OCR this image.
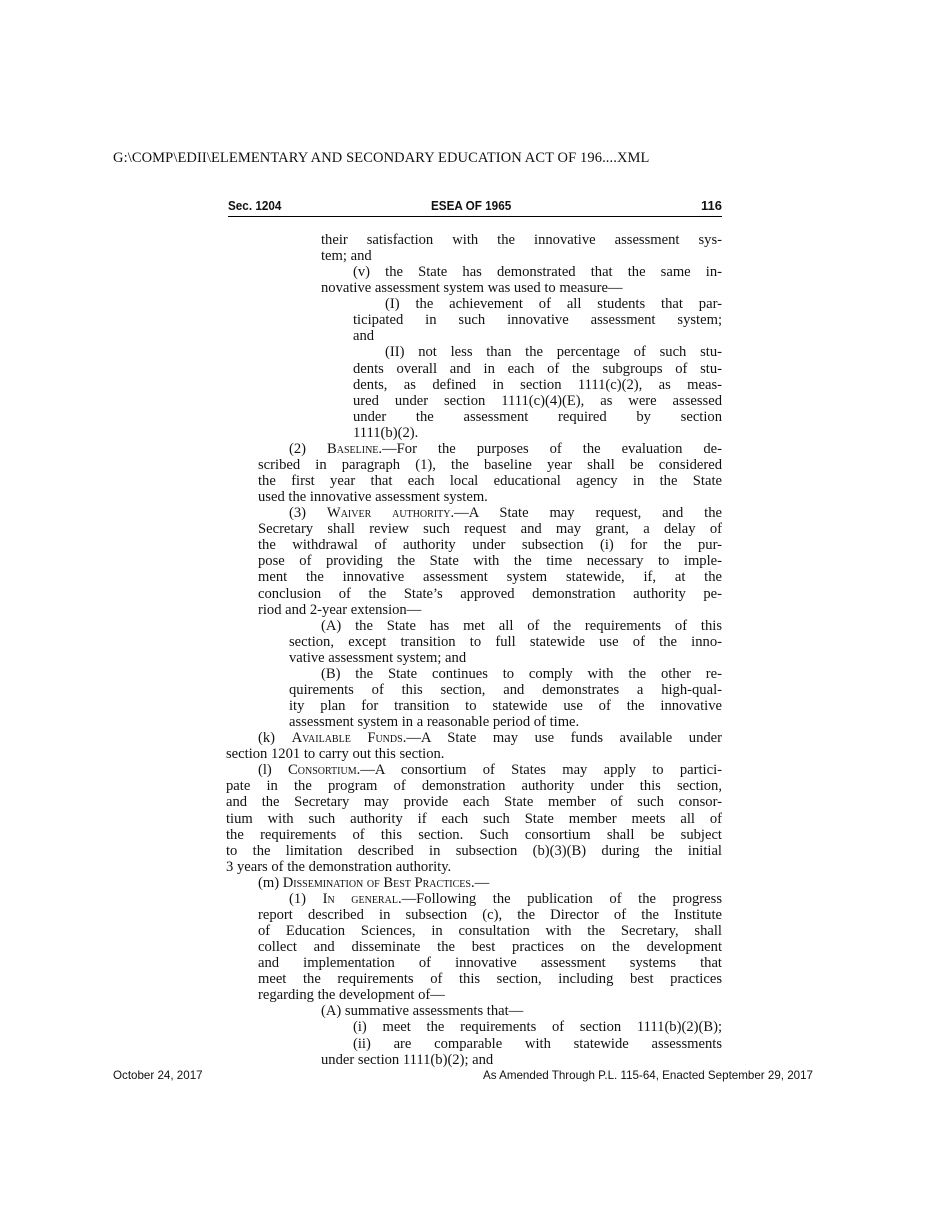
G:\COMP\EDII\ELEMENTARY AND SECONDARY EDUCATION ACT OF 196....XML
Sec. 1204	ESEA OF 1965	116
their satisfaction with the innovative assessment sys-
tem; and
(v) the State has demonstrated that the same in-
novative assessment system was used to measure—
(I) the achievement of all students that par-
ticipated in such innovative assessment system;
and
(II) not less than the percentage of such stu-
dents overall and in each of the subgroups of stu-
dents, as defined in section 1111(c)(2), as meas-
ured under section 1111(c)(4)(E), as were assessed
under the assessment required by section
1111(b)(2).
(2) Baseline.—For the purposes of the evaluation de-
scribed in paragraph (1), the baseline year shall be considered
the first year that each local educational agency in the State
used the innovative assessment system.
(3) Waiver authority.—A State may request, and the
Secretary shall review such request and may grant, a delay of
the withdrawal of authority under subsection (i) for the pur-
pose of providing the State with the time necessary to imple-
ment the innovative assessment system statewide, if, at the
conclusion of the State’s approved demonstration authority pe-
riod and 2-year extension—
(A) the State has met all of the requirements of this
section, except transition to full statewide use of the inno-
vative assessment system; and
(B) the State continues to comply with the other re-
quirements of this section, and demonstrates a high-qual-
ity plan for transition to statewide use of the innovative
assessment system in a reasonable period of time.
(k) Available Funds.—A State may use funds available under
section 1201 to carry out this section.
(l) Consortium.—A consortium of States may apply to partici-
pate in the program of demonstration authority under this section,
and the Secretary may provide each State member of such consor-
tium with such authority if each such State member meets all of
the requirements of this section. Such consortium shall be subject
to the limitation described in subsection (b)(3)(B) during the initial
3 years of the demonstration authority.
(m) Dissemination of Best Practices.—
(1) In general.—Following the publication of the progress
report described in subsection (c), the Director of the Institute
of Education Sciences, in consultation with the Secretary, shall
collect and disseminate the best practices on the development
and implementation of innovative assessment systems that
meet the requirements of this section, including best practices
regarding the development of—
(A) summative assessments that—
(i) meet the requirements of section 1111(b)(2)(B);
(ii) are comparable with statewide assessments
under section 1111(b)(2); and
October 24, 2017	As Amended Through P.L. 115-64, Enacted September 29, 2017
